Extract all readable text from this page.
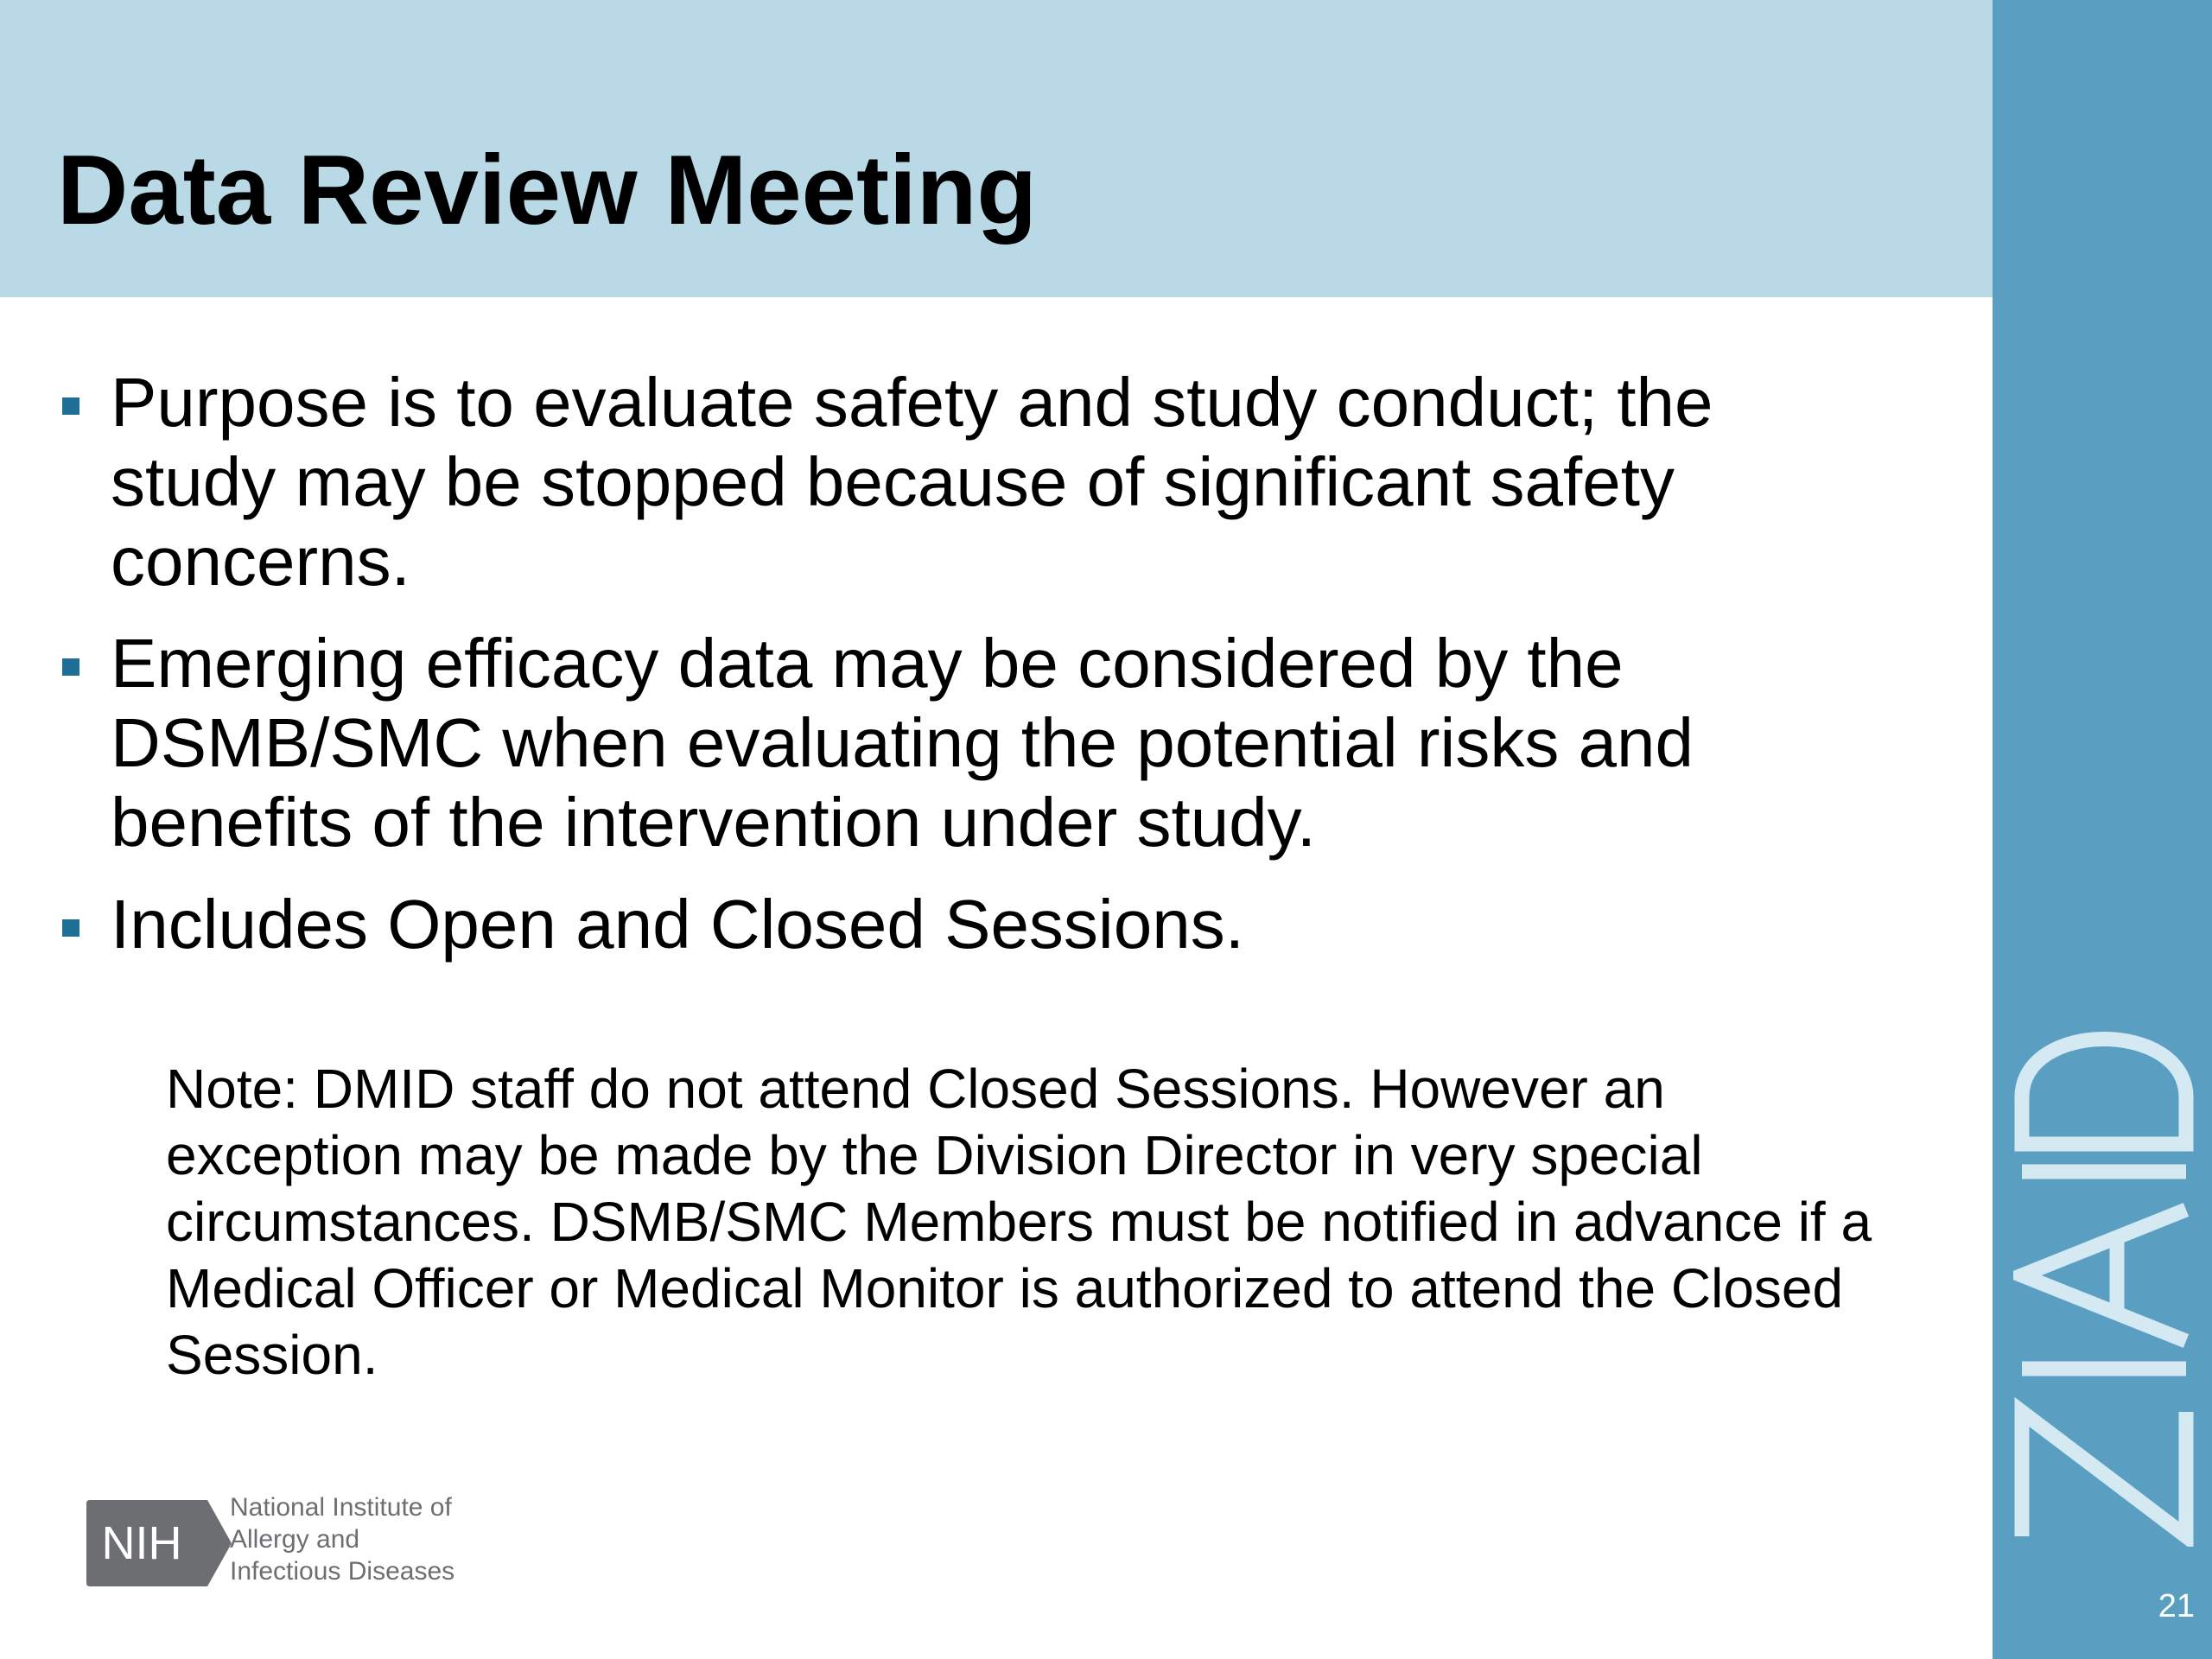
Data Review Meeting
21
Purpose is to evaluate safety and study conduct; the study may be stopped because of significant safety concerns.
Emerging efficacy data may be considered by the DSMB/SMC when evaluating the potential risks and benefits of the intervention under study.
Includes Open and Closed Sessions.

Note: DMID staff do not attend Closed Sessions. However an exception may be made by the Division Director in very special circumstances. DSMB/SMC Members must be notified in advance if a Medical Officer or Medical Monitor is authorized to attend the Closed Session.

NIH
National Institute of
Allergy and
Infectious Diseases
